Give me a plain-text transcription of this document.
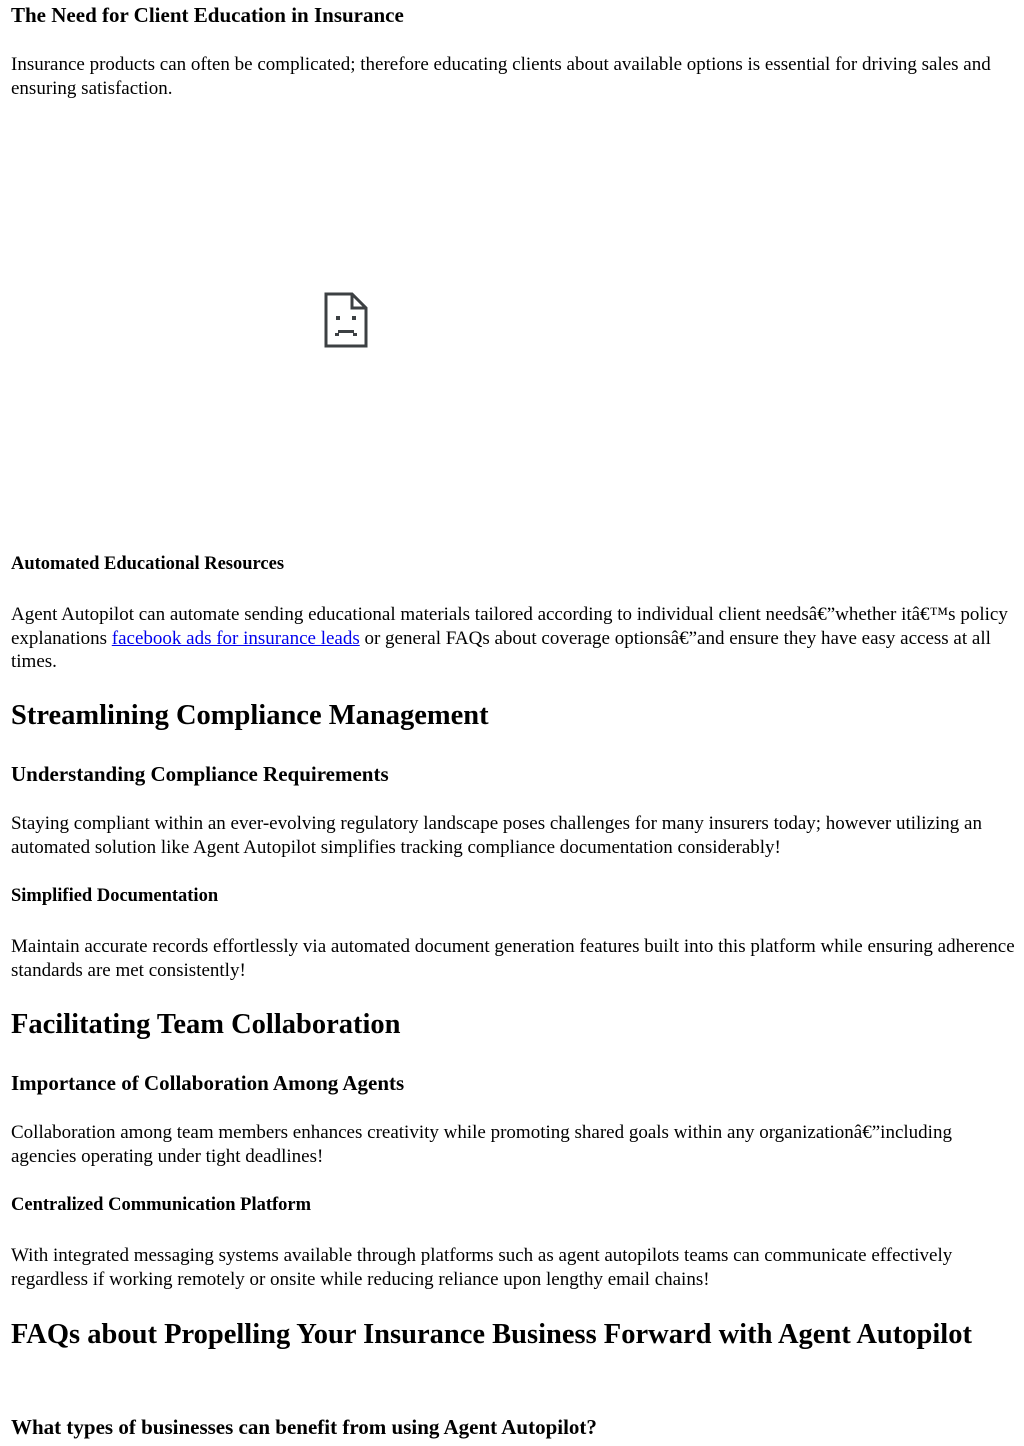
The Need for Client Education in Insurance

Insurance products can often be complicated; therefore educating clients about available options is essential for driving sales and ensuring satisfaction.

Automated Educational Resources

Agent Autopilot can automate sending educational materials tailored according to individual client needsâ€”whether itâ€™s policy explanations facebook ads for insurance leads or general FAQs about coverage optionsâ€”and ensure they have easy access at all times.

Streamlining Compliance Management
Understanding Compliance Requirements

Staying compliant within an ever-evolving regulatory landscape poses challenges for many insurers today; however utilizing an automated solution like Agent Autopilot simplifies tracking compliance documentation considerably!

Simplified Documentation

Maintain accurate records effortlessly via automated document generation features built into this platform while ensuring adherence standards are met consistently!

Facilitating Team Collaboration
Importance of Collaboration Among Agents

Collaboration among team members enhances creativity while promoting shared goals within any organizationâ€”including agencies operating under tight deadlines!

Centralized Communication Platform

With integrated messaging systems available through platforms such as agent autopilots teams can communicate effectively regardless if working remotely or onsite while reducing reliance upon lengthy email chains!

FAQs about Propelling Your Insurance Business Forward with Agent Autopilot
What types of businesses can benefit from using Agent Autopilot?
